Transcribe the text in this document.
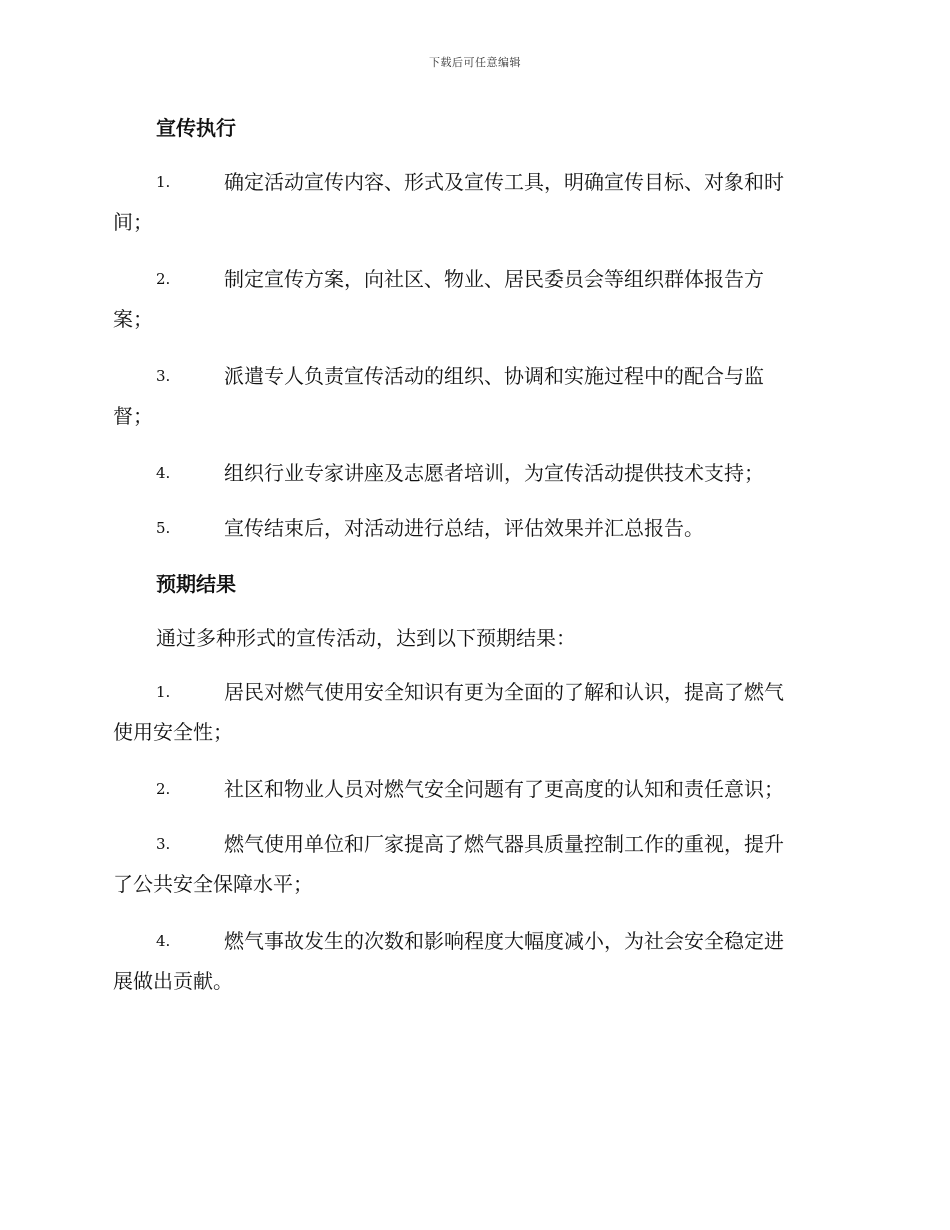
下载后可任意编辑
宣传执行
1.	确定活动宣传内容、形式及宣传工具，明确宣传目标、对象和时
间；
2.	制定宣传方案，向社区、物业、居民委员会等组织群体报告方
案；
3.	派遣专人负责宣传活动的组织、协调和实施过程中的配合与监
督；
4.	组织行业专家讲座及志愿者培训，为宣传活动提供技术支持；
5.	宣传结束后，对活动进行总结，评估效果并汇总报告。
预期结果
通过多种形式的宣传活动，达到以下预期结果：
1.	居民对燃气使用安全知识有更为全面的了解和认识，提高了燃气
使用安全性；
2.	社区和物业人员对燃气安全问题有了更高度的认知和责任意识；
3.	燃气使用单位和厂家提高了燃气器具质量控制工作的重视，提升
了公共安全保障水平；
4.	燃气事故发生的次数和影响程度大幅度减小，为社会安全稳定进
展做出贡献。
